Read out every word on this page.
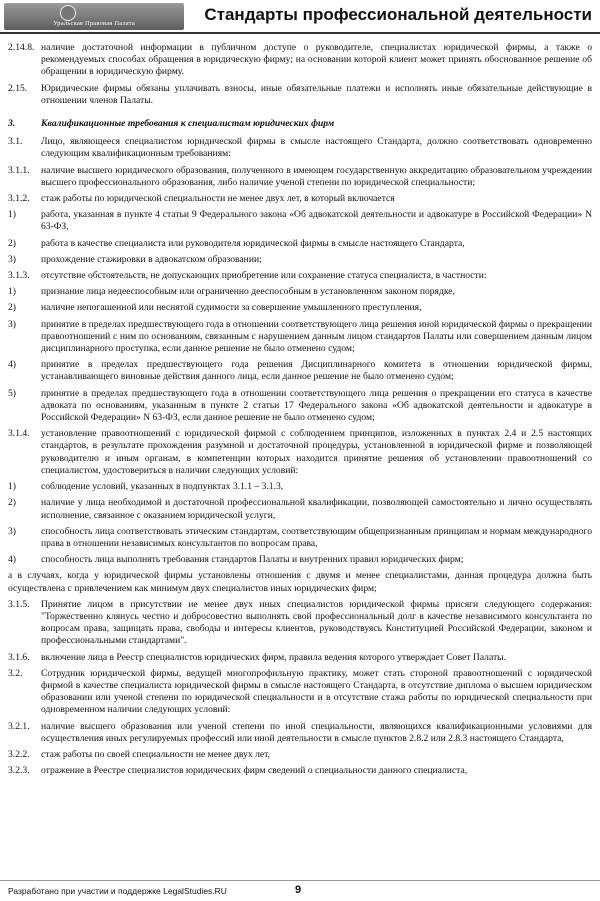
Уральская Правовая Палата	Стандарты профессиональной деятельности
2.14.8. наличие достаточной информации в публичном доступе о руководителе, специалистах юридической фирмы, а также о рекомендуемых способах обращения в юридическую фирму; на основании которой клиент может принять обоснованное решение об обращении в юридическую фирму.
2.15.	Юридические фирмы обязаны уплачивать взносы, иные обязательные платежи и исполнять иные обязательные действующие в отношении членов Палаты.
3.	Квалификационные требования к специалистам юридических фирм
3.1.	Лицо, являющееся специалистом юридической фирмы в смысле настоящего Стандарта, должно соответствовать одновременно следующим квалификационным требованиям:
3.1.1.	наличие высшего юридического образования, полученного в имеющем государственную аккредитацию образовательном учреждении высшего профессионального образования, либо наличие ученой степени по юридической специальности;
3.1.2.	стаж работы по юридической специальности не менее двух лет, в который включается
1)	работа, указанная в пункте 4 статьи 9 Федерального закона «Об адвокатской деятельности и адвокатуре в Российской Федерации» N 63-ФЗ,
2)	работа в качестве специалиста или руководителя юридической фирмы в смысле настоящего Стандарта,
3)	прохождение стажировки в адвокатском образовании;
3.1.3.	отсутствие обстоятельств, не допускающих приобретение или сохранение статуса специалиста, в частности:
1)	признание лица недееспособным или ограниченно дееспособным в установленном законом порядке,
2)	наличие непогашенной или неснятой судимости за совершение умышленного преступления,
3)	принятие в пределах предшествующего года в отношении соответствующего лица решения иной юридической фирмы о прекращении правоотношений с ним по основаниям, связанным с нарушением данным лицом стандартов Палаты или совершением данным лицом дисциплинарного проступка, если данное решение не было отменено судом;
4)	принятие в пределах предшествующего года решения Дисциплинарного комитета в отношении юридической фирмы, устанавливающего виновные действия данного лица, если данное решение не было отменено судом;
5)	принятие в пределах предшествующего года в отношении соответствующего лица решения о прекращении его статуса в качестве адвоката по основаниям, указанным в пункте 2 статьи 17 Федерального закона «Об адвокатской деятельности и адвокатуре в Российской Федерации» N 63-ФЗ, если данное решение не было отменено судом;
3.1.4.	установление правоотношений с юридической фирмой с соблюдением принципов, изложенных в пунктах 2.4 и 2.5 настоящих стандартов, в результате прохождения разумной и достаточной процедуры, установленной в юридической фирме и позволяющей руководителю и иным органам, в компетенции которых находится принятие решения об установлении правоотношений со специалистом, удостовериться в наличии следующих условий:
1)	соблюдение условий, указанных в подпунктах 3.1.1 – 3.1.3,
2)	наличие у лица необходимой и достаточной профессиональной квалификации, позволяющей самостоятельно и лично осуществлять исполнение, связанное с оказанием юридической услуги,
3)	способность лица соответствовать этическим стандартам, соответствующим общепризнанным принципам и нормам международного права в отношении независимых консультантов по вопросам права,
4)	способность лица выполнять требования стандартов Палаты и внутренних правил юридических фирм;
а в случаях, когда у юридической фирмы установлены отношения с двумя и менее специалистами, данная процедура должна быть осуществлена с привлечением как минимум двух специалистов иных юридических фирм;
3.1.5.	Принятие лицом в присутствии не менее двух иных специалистов юридической фирмы присяги следующего содержания: "Торжественно клянусь честно и добросовестно выполнять свой профессиональный долг в качестве независимого консультанта по вопросам права, защищать права, свободы и интересы клиентов, руководствуясь Конституцией Российской Федерации, законом и профессиональными стандартами".
3.1.6.	включение лица в Реестр специалистов юридических фирм, правила ведения которого утверждает Совет Палаты.
3.2.	Сотрудник юридической фирмы, ведущей многопрофильную практику, может стать стороной правоотношений с юридической фирмой в качестве специалиста юридической фирмы в смысле настоящего Стандарта, в отсутствие диплома о высшем юридическом образовании или ученой степени по юридической специальности и в отсутствие стажа работы по юридической специальности при одновременном наличии следующих условий:
3.2.1.	наличие высшего образования или ученой степени по иной специальности, являющихся квалификационными условиями для осуществления иных регулируемых профессий или иной деятельности в смысле пунктов 2.8.2 или 2.8.3 настоящего Стандарта,
3.2.2.	стаж работы по своей специальности не менее двух лет,
3.2.3.	отражение в Реестре специалистов юридических фирм сведений о специальности данного специалиста,
Разработано при участии и поддержке LegalStudies.RU	9
